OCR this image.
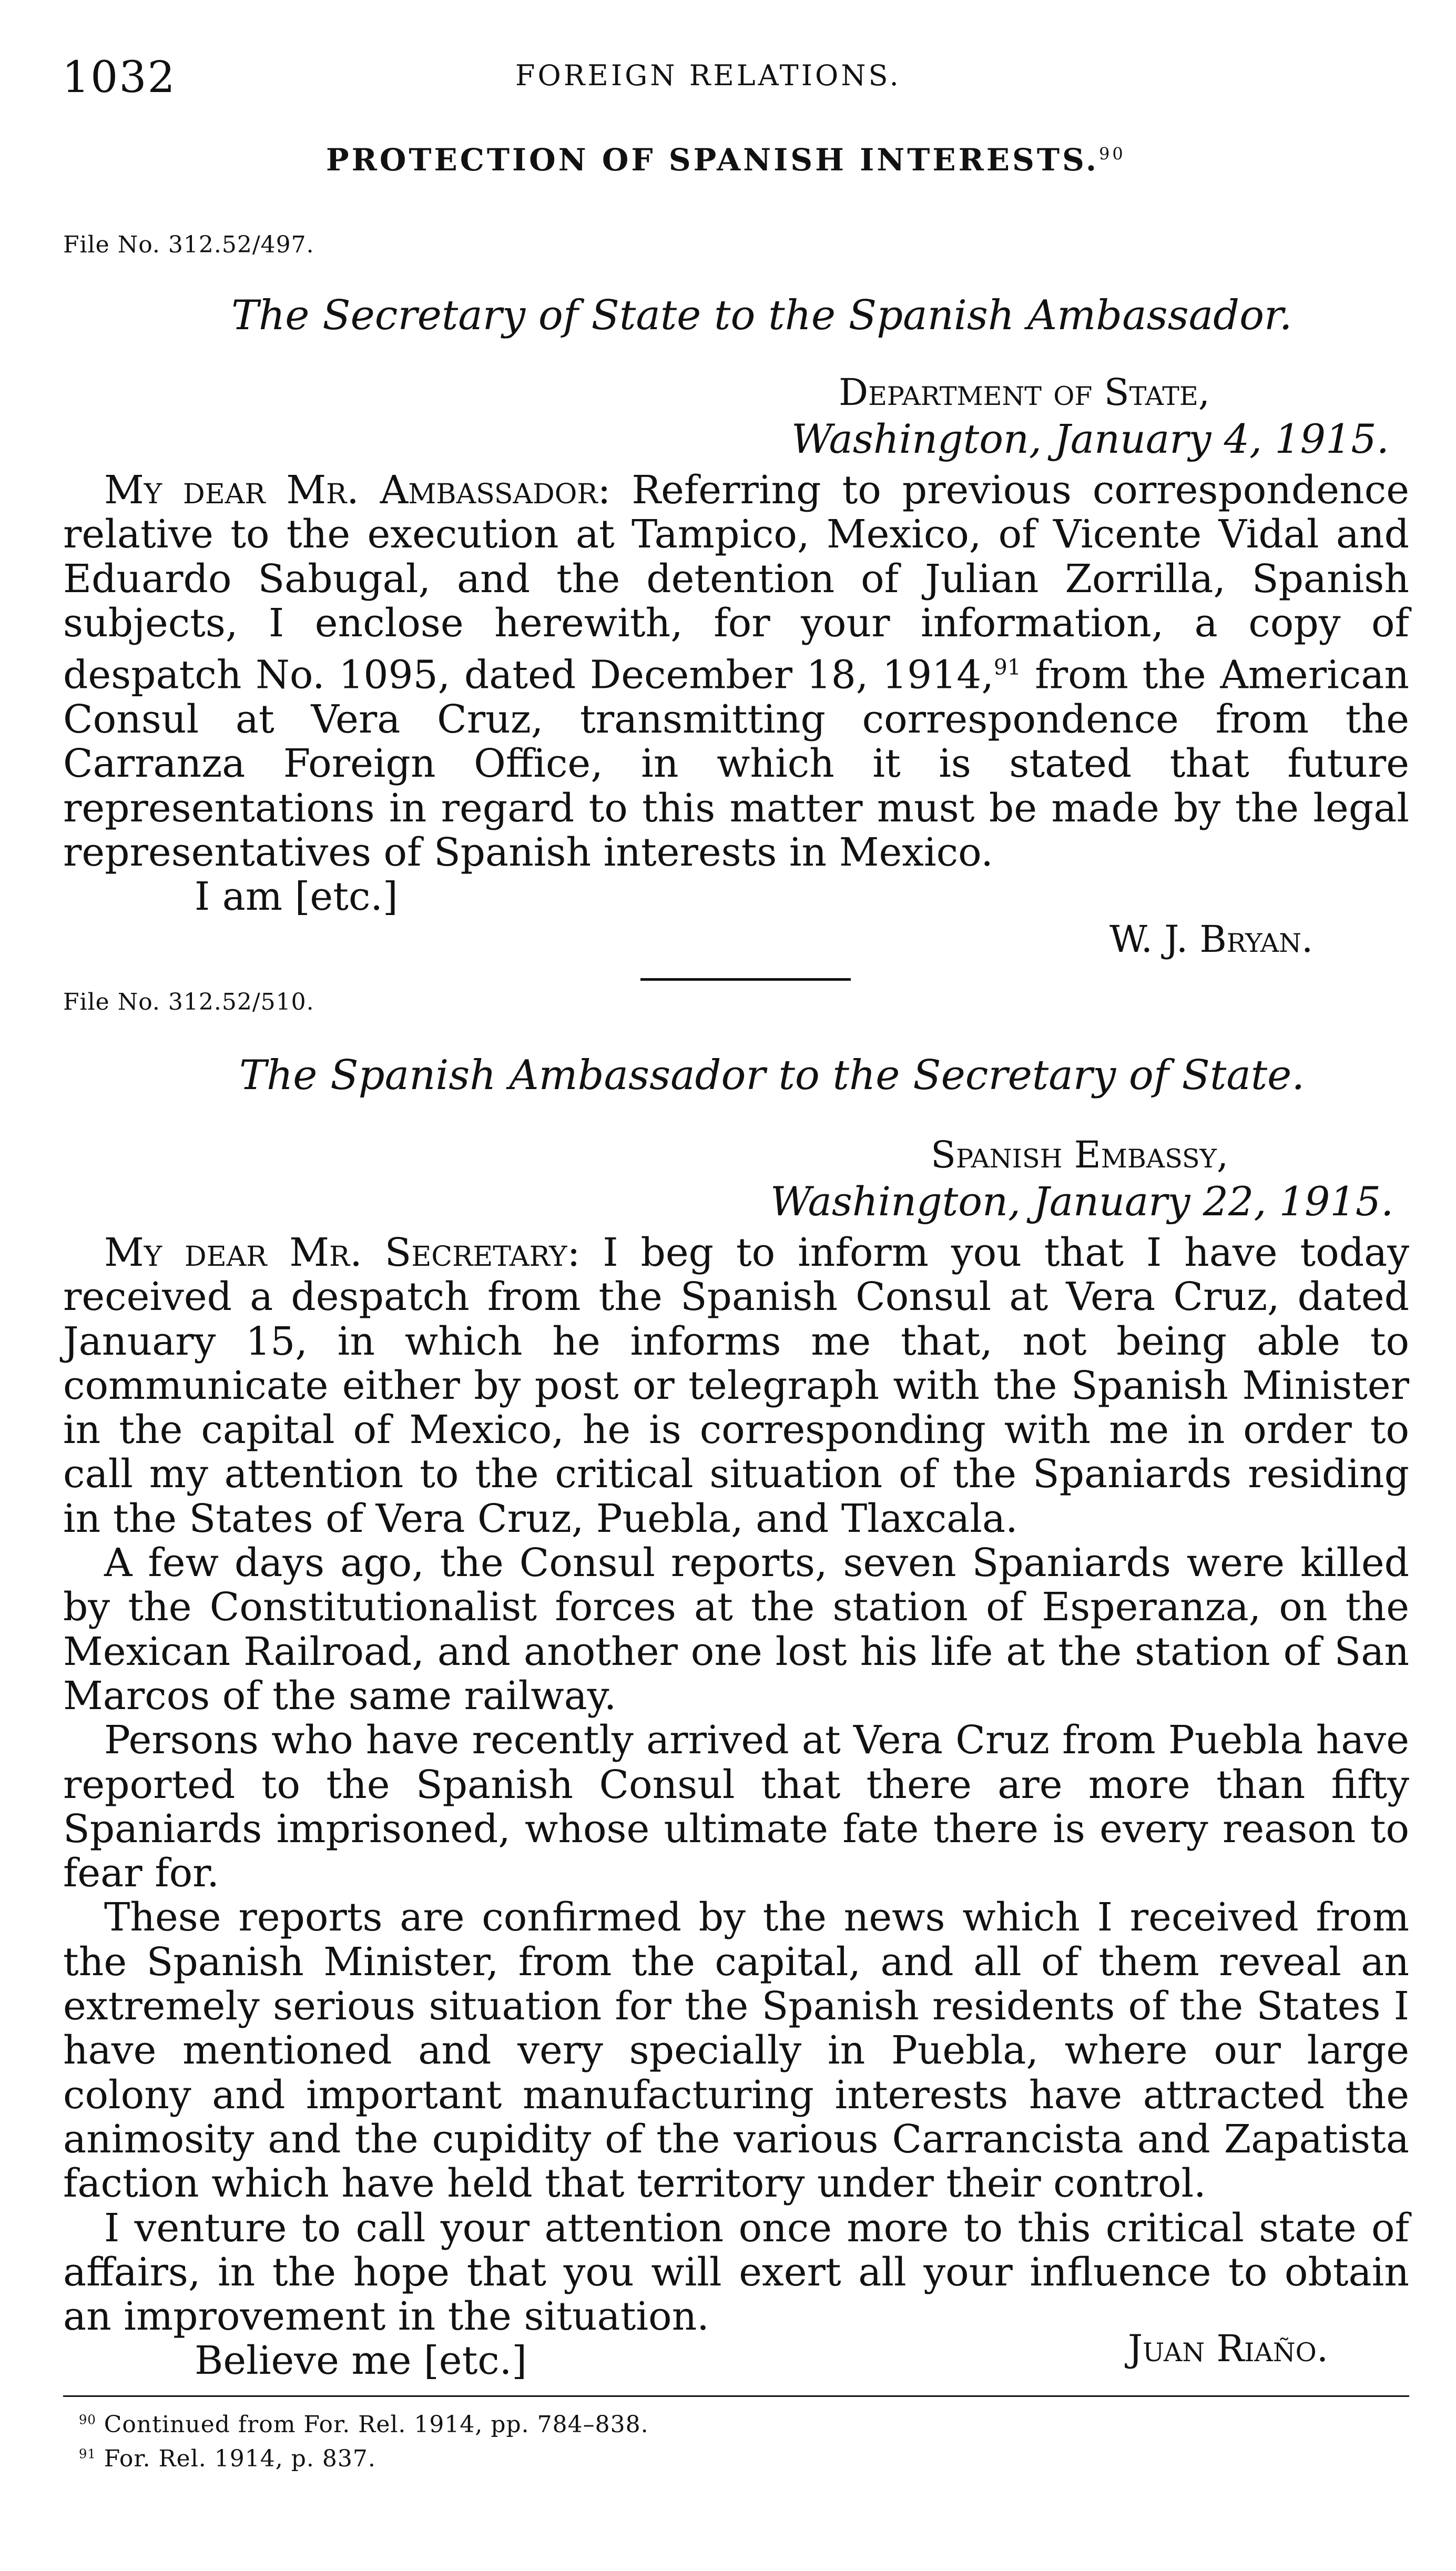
1032	FOREIGN RELATIONS.
PROTECTION OF SPANISH INTERESTS.$^{90}$
File No. 312.52/497.
The Secretary of State to the Spanish Ambassador.
Department of State,
Washington, January 4, 1915.

My dear Mr. Ambassador: Referring to previous correspondence relative to the execution at Tampico, Mexico, of Vicente Vidal and Eduardo Sabugal, and the detention of Julian Zorrilla, Spanish subjects, I enclose herewith, for your information, a copy of despatch No. 1095, dated December 18, 1914,91 from the American Consul at Vera Cruz, transmitting correspondence from the Carranza Foreign Office, in which it is stated that future representations in regard to this matter must be made by the legal representatives of Spanish interests in Mexico.

I am [etc.]

W. J. Bryan.
File No. 312.52/510.
The Spanish Ambassador to the Secretary of State.
Spanish Embassy,
Washington, January 22, 1915.

My dear Mr. Secretary: I beg to inform you that I have today received a despatch from the Spanish Consul at Vera Cruz, dated January 15, in which he informs me that, not being able to communicate either by post or telegraph with the Spanish Minister in the capital of Mexico, he is corresponding with me in order to call my attention to the critical situation of the Spaniards residing in the States of Vera Cruz, Puebla, and Tlaxcala.

A few days ago, the Consul reports, seven Spaniards were killed by the Constitutionalist forces at the station of Esperanza, on the Mexican Railroad, and another one lost his life at the station of San Marcos of the same railway.

Persons who have recently arrived at Vera Cruz from Puebla have reported to the Spanish Consul that there are more than fifty Spaniards imprisoned, whose ultimate fate there is every reason to fear for.

These reports are confirmed by the news which I received from the Spanish Minister, from the capital, and all of them reveal an extremely serious situation for the Spanish residents of the States I have mentioned and very specially in Puebla, where our large colony and important manufacturing interests have attracted the animosity and the cupidity of the various Carrancista and Zapatista faction which have held that territory under their control.

I venture to call your attention once more to this critical state of affairs, in the hope that you will exert all your influence to obtain an improvement in the situation.

Believe me [etc.]	Juan Riaño.
$^{90}$ Continued from For. Rel. 1914, pp. 784–838.
$^{91}$ For. Rel. 1914, p. 837.
